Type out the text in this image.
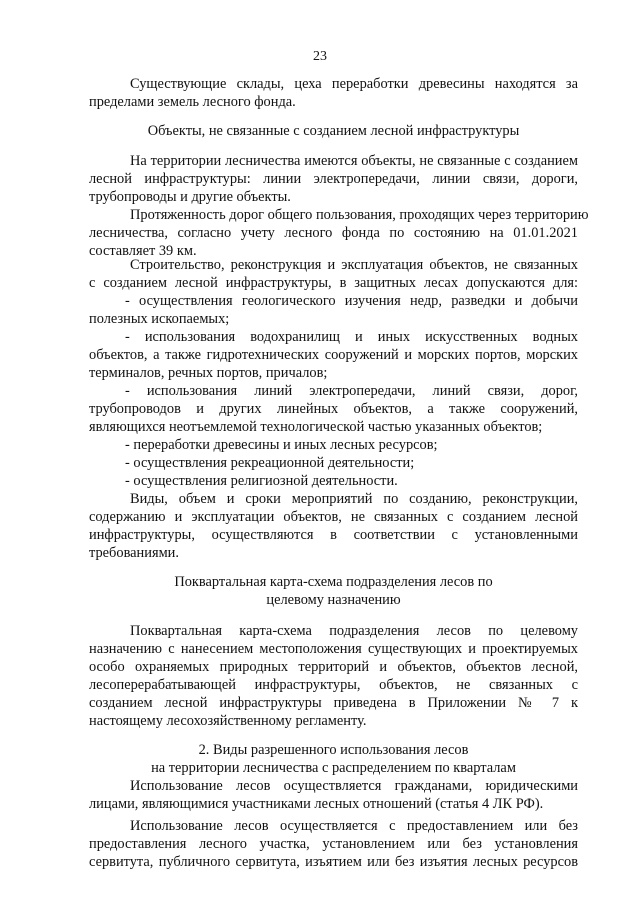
23
Существующие склады, цеха переработки древесины находятся за
пределами земель лесного фонда.
Объекты, не связанные с созданием лесной инфраструктуры
На территории лесничества имеются объекты, не связанные с созданием
лесной инфраструктуры: линии электропередачи, линии связи, дороги,
трубопроводы и другие объекты.
Протяженность дорог общего пользования, проходящих через территорию
лесничества, согласно учету лесного фонда по состоянию на 01.01.2021
составляет 39 км.
Строительство, реконструкция и эксплуатация объектов, не связанных
с созданием лесной инфраструктуры, в защитных лесах допускаются для:
- осуществления геологического изучения недр, разведки и добычи
полезных ископаемых;
- использования водохранилищ и иных искусственных водных
объектов, а также гидротехнических сооружений и морских портов, морских
терминалов, речных портов, причалов;
- использования линий электропередачи, линий связи, дорог,
трубопроводов и других линейных объектов, а также сооружений,
являющихся неотъемлемой технологической частью указанных объектов;
- переработки древесины и иных лесных ресурсов;
- осуществления рекреационной деятельности;
- осуществления религиозной деятельности.
Виды, объем и сроки мероприятий по созданию, реконструкции,
содержанию и эксплуатации объектов, не связанных с созданием лесной
инфраструктуры, осуществляются в соответствии с установленными
требованиями.
Поквартальная карта-схема подразделения лесов по
целевому назначению
Поквартальная карта-схема подразделения лесов по целевому
назначению с нанесением местоположения существующих и проектируемых
особо охраняемых природных территорий и объектов, объектов лесной,
лесоперерабатывающей инфраструктуры, объектов, не связанных с
созданием лесной инфраструктуры приведена в Приложении № 7 к
настоящему лесохозяйственному регламенту.
2. Виды разрешенного использования лесов
на территории лесничества с распределением по кварталам
Использование лесов осуществляется гражданами, юридическими
лицами, являющимися участниками лесных отношений (статья 4 ЛК РФ).
Использование лесов осуществляется с предоставлением или без
предоставления лесного участка, установлением или без установления
сервитута, публичного сервитута, изъятием или без изъятия лесных ресурсов
